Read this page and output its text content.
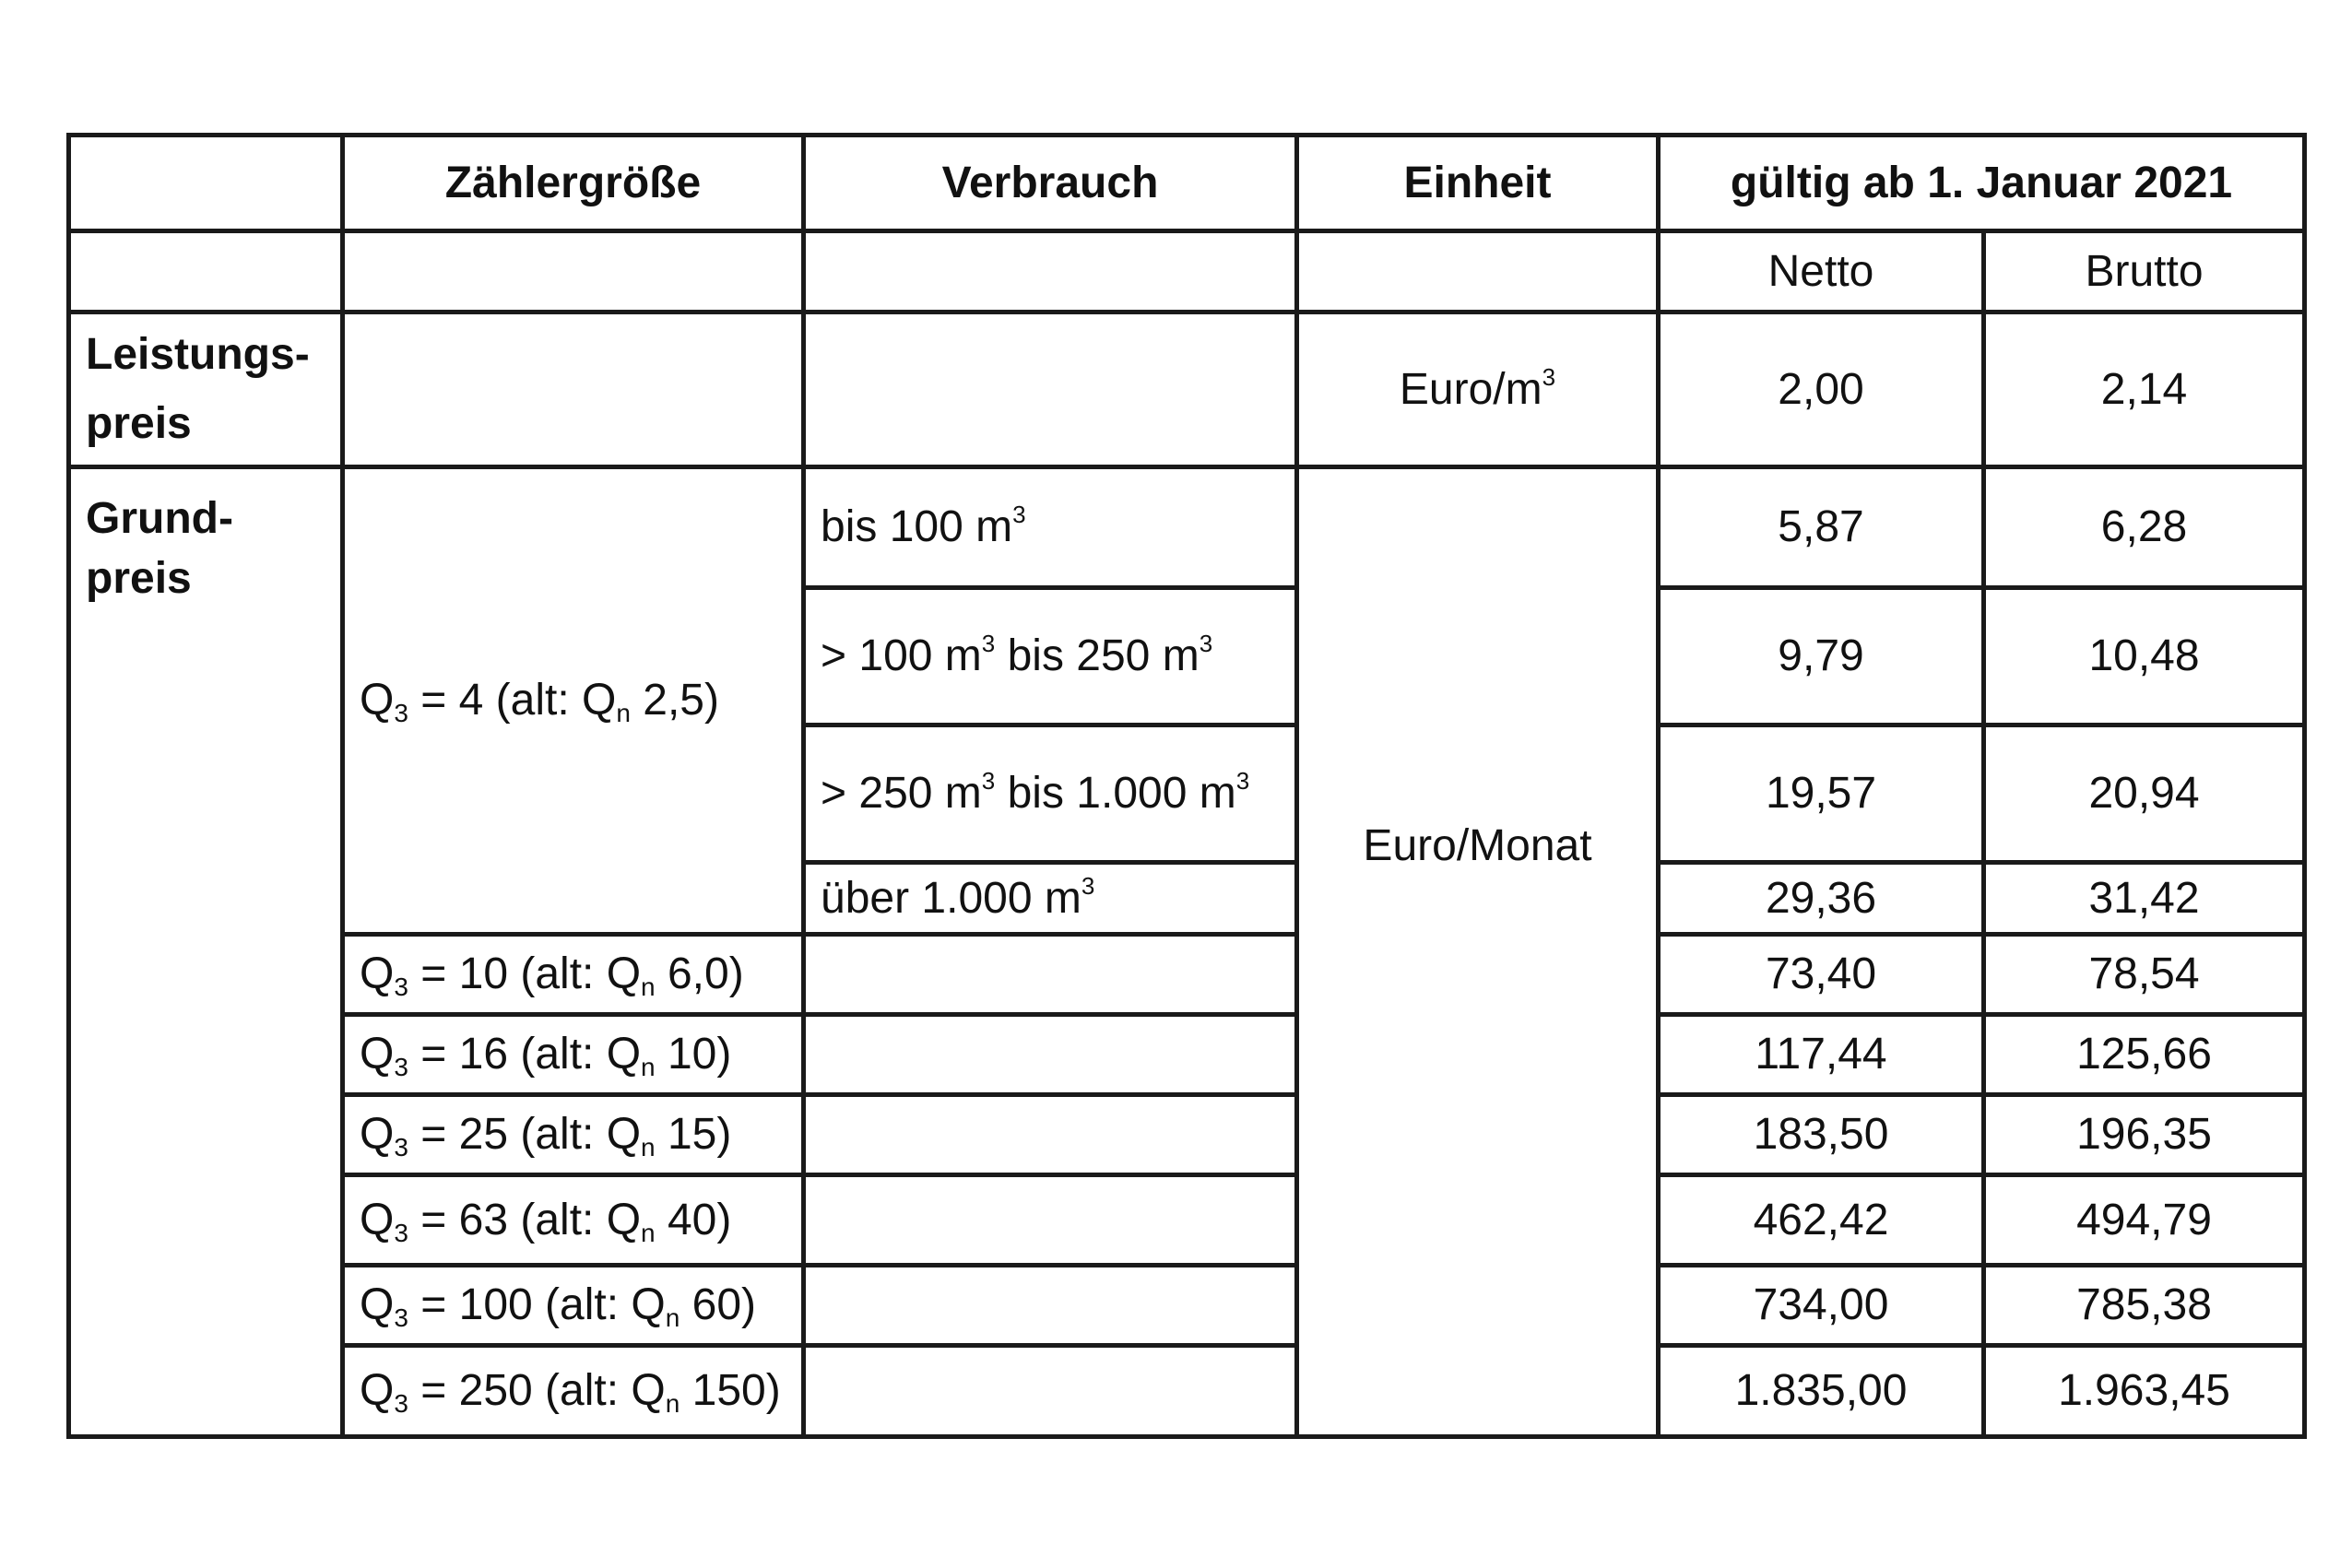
	Zählergröße	Verbrauch	Einheit	gültig ab 1. Januar 2021	
				Netto	Brutto
Leistungs-
preis			Euro/$m^3$	2,00	2,14
Grund-
preis	$Q_3 = 4$ (alt: $Q_n$ 2,5)	bis 100 $m^3$	Euro/Monat	5,87	6,28
		> 100 $m^3$ bis 250 $m^3$		9,79	10,48
		> 250 $m^3$ bis 1.000 $m^3$		19,57	20,94
		über 1.000 $m^3$		29,36	31,42
	$Q_3 = 10$ (alt: $Q_n$ 6,0)			73,40	78,54
	$Q_3 = 16$ (alt: $Q_n$ 10)			117,44	125,66
	$Q_3 = 25$ (alt: $Q_n$ 15)			183,50	196,35
	$Q_3 = 63$ (alt: $Q_n$ 40)			462,42	494,79
	$Q_3 = 100$ (alt: $Q_n$ 60)			734,00	785,38
	$Q_3 = 250$ (alt: $Q_n$ 150)			1.835,00	1.963,45
